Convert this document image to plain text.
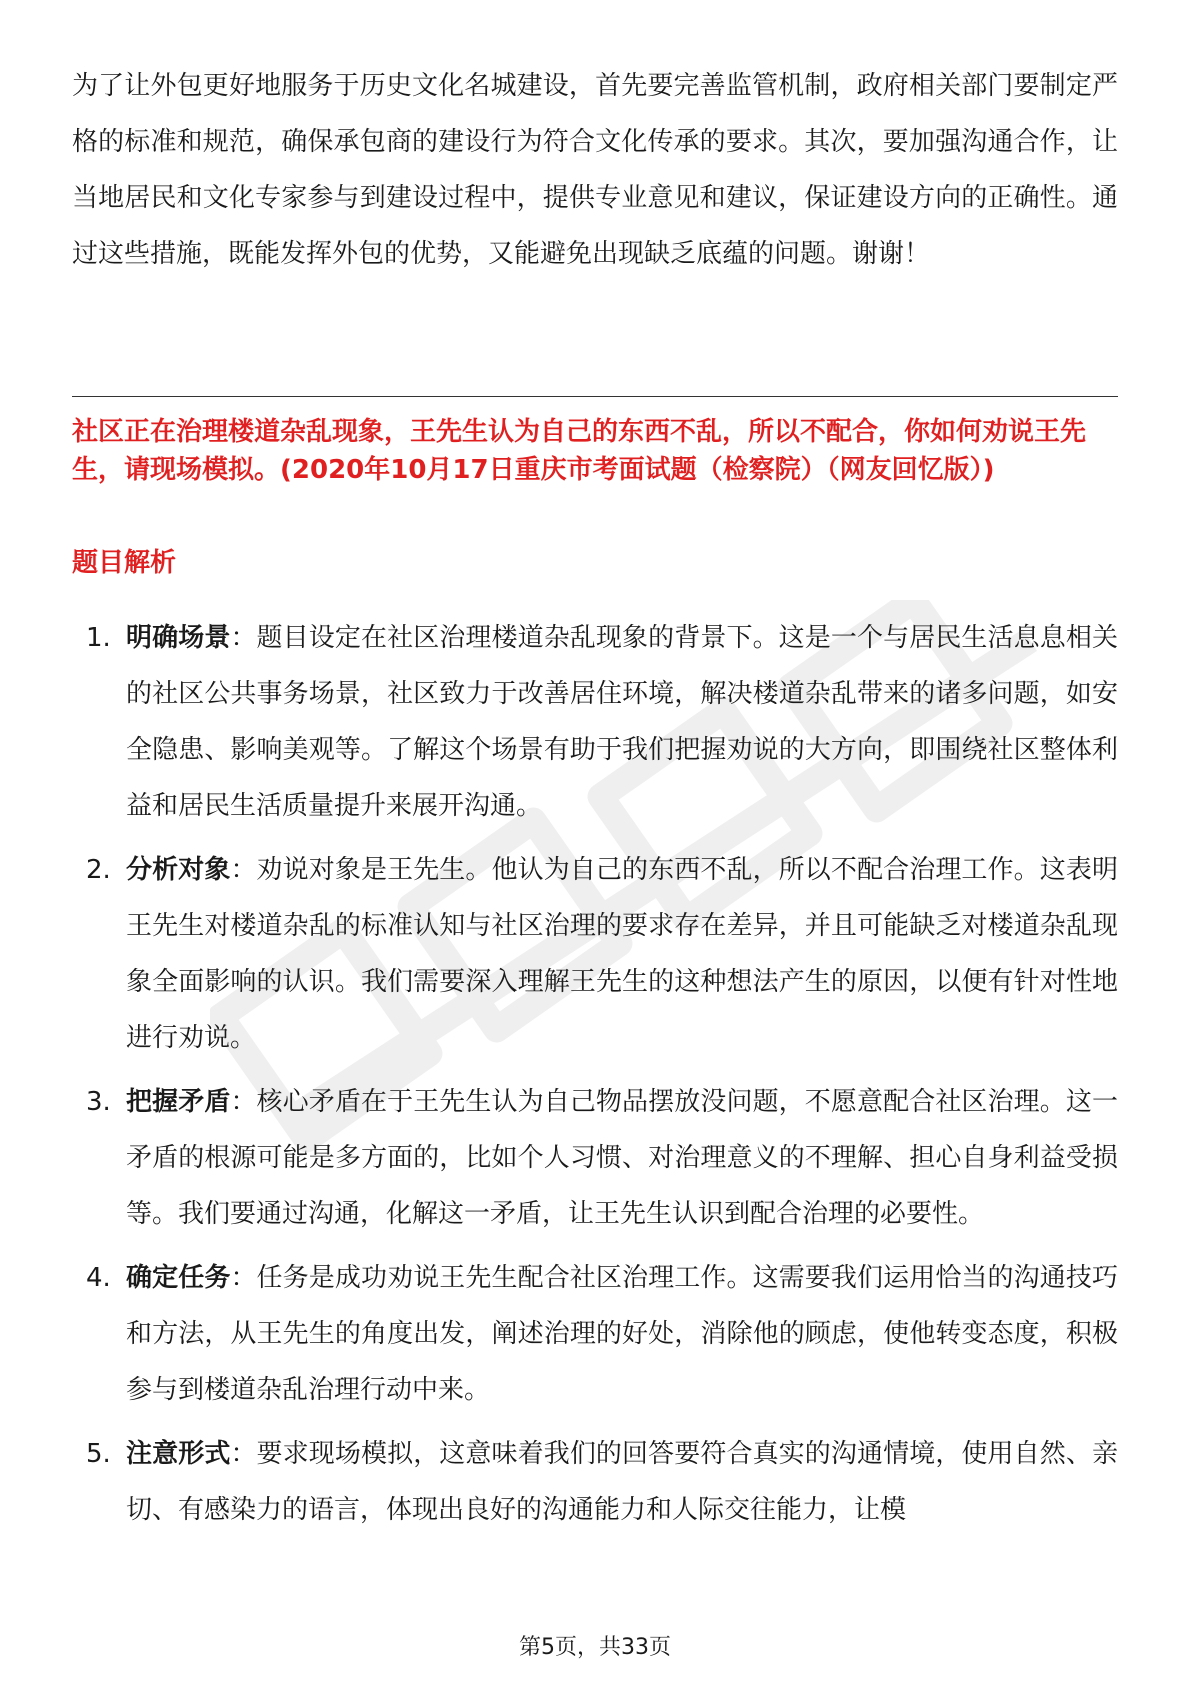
为了让外包更好地服务于历史文化名城建设，首先要完善监管机制，政府相关部门要制定严格的标准和规范，确保承包商的建设行为符合文化传承的要求。其次，要加强沟通合作，让当地居民和文化专家参与到建设过程中，提供专业意见和建议，保证建设方向的正确性。通过这些措施，既能发挥外包的优势，又能避免出现缺乏底蕴的问题。谢谢！

社区正在治理楼道杂乱现象，王先生认为自己的东西不乱，所以不配合，你如何劝说王先生，请现场模拟。(2020年10月17日重庆市考面试题（检察院）（网友回忆版）)

题目解析
1. 明确场景：题目设定在社区治理楼道杂乱现象的背景下。这是一个与居民生活息息相关的社区公共事务场景，社区致力于改善居住环境，解决楼道杂乱带来的诸多问题，如安全隐患、影响美观等。了解这个场景有助于我们把握劝说的大方向，即围绕社区整体利益和居民生活质量提升来展开沟通。
2. 分析对象：劝说对象是王先生。他认为自己的东西不乱，所以不配合治理工作。这表明王先生对楼道杂乱的标准认知与社区治理的要求存在差异，并且可能缺乏对楼道杂乱现象全面影响的认识。我们需要深入理解王先生的这种想法产生的原因，以便有针对性地进行劝说。
3. 把握矛盾：核心矛盾在于王先生认为自己物品摆放没问题，不愿意配合社区治理。这一矛盾的根源可能是多方面的，比如个人习惯、对治理意义的不理解、担心自身利益受损等。我们要通过沟通，化解这一矛盾，让王先生认识到配合治理的必要性。
4. 确定任务：任务是成功劝说王先生配合社区治理工作。这需要我们运用恰当的沟通技巧和方法，从王先生的角度出发，阐述治理的好处，消除他的顾虑，使他转变态度，积极参与到楼道杂乱治理行动中来。
5. 注意形式：要求现场模拟，这意味着我们的回答要符合真实的沟通情境，使用自然、亲切、有感染力的语言，体现出良好的沟通能力和人际交往能力，让模
第5页，共33页
